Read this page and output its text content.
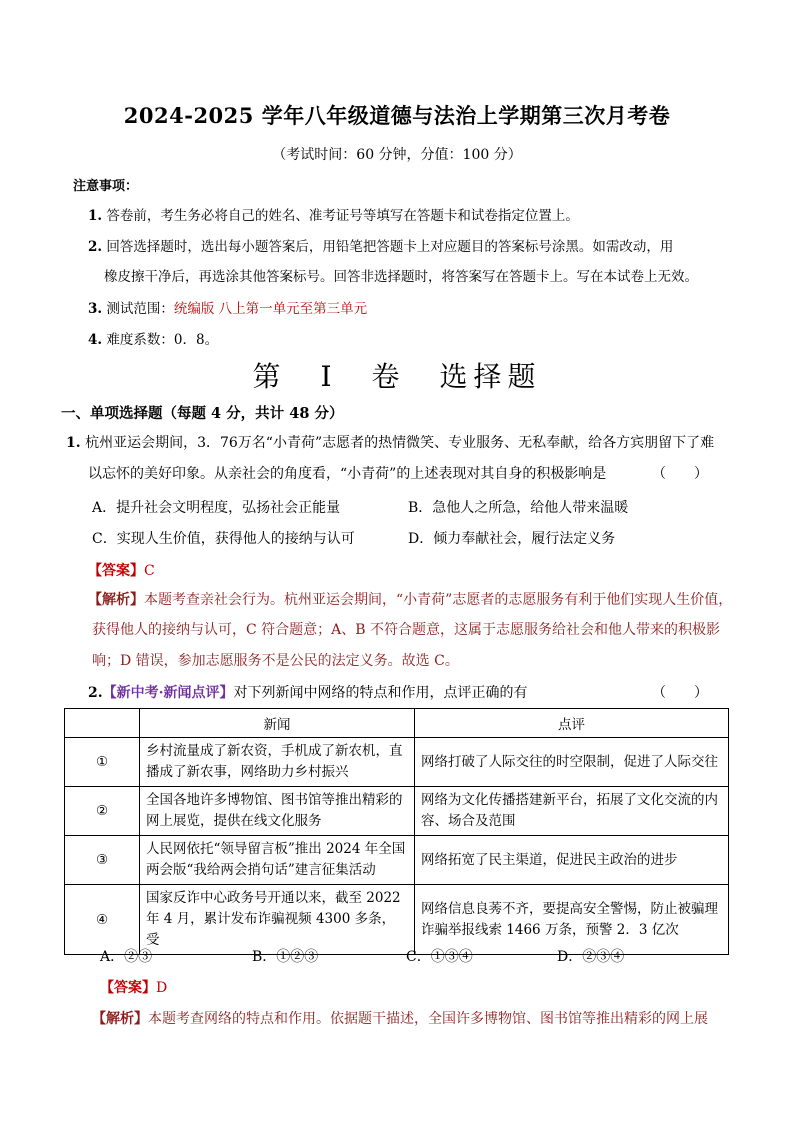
2024-2025 学年八年级道德与法治上学期第三次月考卷
（考试时间：60 分钟，分值：100 分）
注意事项：
1. 答卷前，考生务必将自己的姓名、准考证号等填写在答题卡和试卷指定位置上。
2. 回答选择题时，选出每小题答案后，用铅笔把答题卡上对应题目的答案标号涂黑。如需改动，用
橡皮擦干净后，再选涂其他答案标号。回答非选择题时，将答案写在答题卡上。写在本试卷上无效。
3. 测试范围：统编版 八上第一单元至第三单元
4. 难度系数：0．8。
第　I　卷　选择题
一、单项选择题（每题 4 分，共计 48 分）
1. 杭州亚运会期间，3．76万名“小青荷”志愿者的热情微笑、专业服务、无私奉献，给各方宾朋留下了难
以忘怀的美好印象。从亲社会的角度看，“小青荷”的上述表现对其自身的积极影响是	（　　）
A．提升社会文明程度，弘扬社会正能量	B．急他人之所急，给他人带来温暖
C．实现人生价值，获得他人的接纳与认可	D．倾力奉献社会，履行法定义务
【答案】C
【解析】本题考查亲社会行为。杭州亚运会期间，“小青荷”志愿者的志愿服务有利于他们实现人生价值，
获得他人的接纳与认可，C 符合题意；A、B 不符合题意，这属于志愿服务给社会和他人带来的积极影
响；D 错误，参加志愿服务不是公民的法定义务。故选 C。
2.【新中考·新闻点评】对下列新闻中网络的特点和作用，点评正确的有	（　　）
	新闻	点评
①	乡村流量成了新农资，手机成了新农机，直播成了新农事，网络助力乡村振兴	网络打破了人际交往的时空限制，促进了人际交往
②	全国各地许多博物馆、图书馆等推出精彩的网上展览，提供在线文化服务	网络为文化传播搭建新平台，拓展了文化交流的内容、场合及范围
③	人民网依托“领导留言板”推出 2024 年全国两会版“我给两会捎句话”建言征集活动	网络拓宽了民主渠道，促进民主政治的进步
④	国家反诈中心政务号开通以来，截至 2022 年 4 月，累计发布诈骗视频 4300 多条，受	网络信息良莠不齐，要提高安全警惕，防止被骗理诈骗举报线索 1466 万条，预警 2．3 亿次
A．②③	B．①②③	C．①③④	D．②③④
【答案】D
【解析】本题考查网络的特点和作用。依据题干描述，全国许多博物馆、图书馆等推出精彩的网上展
